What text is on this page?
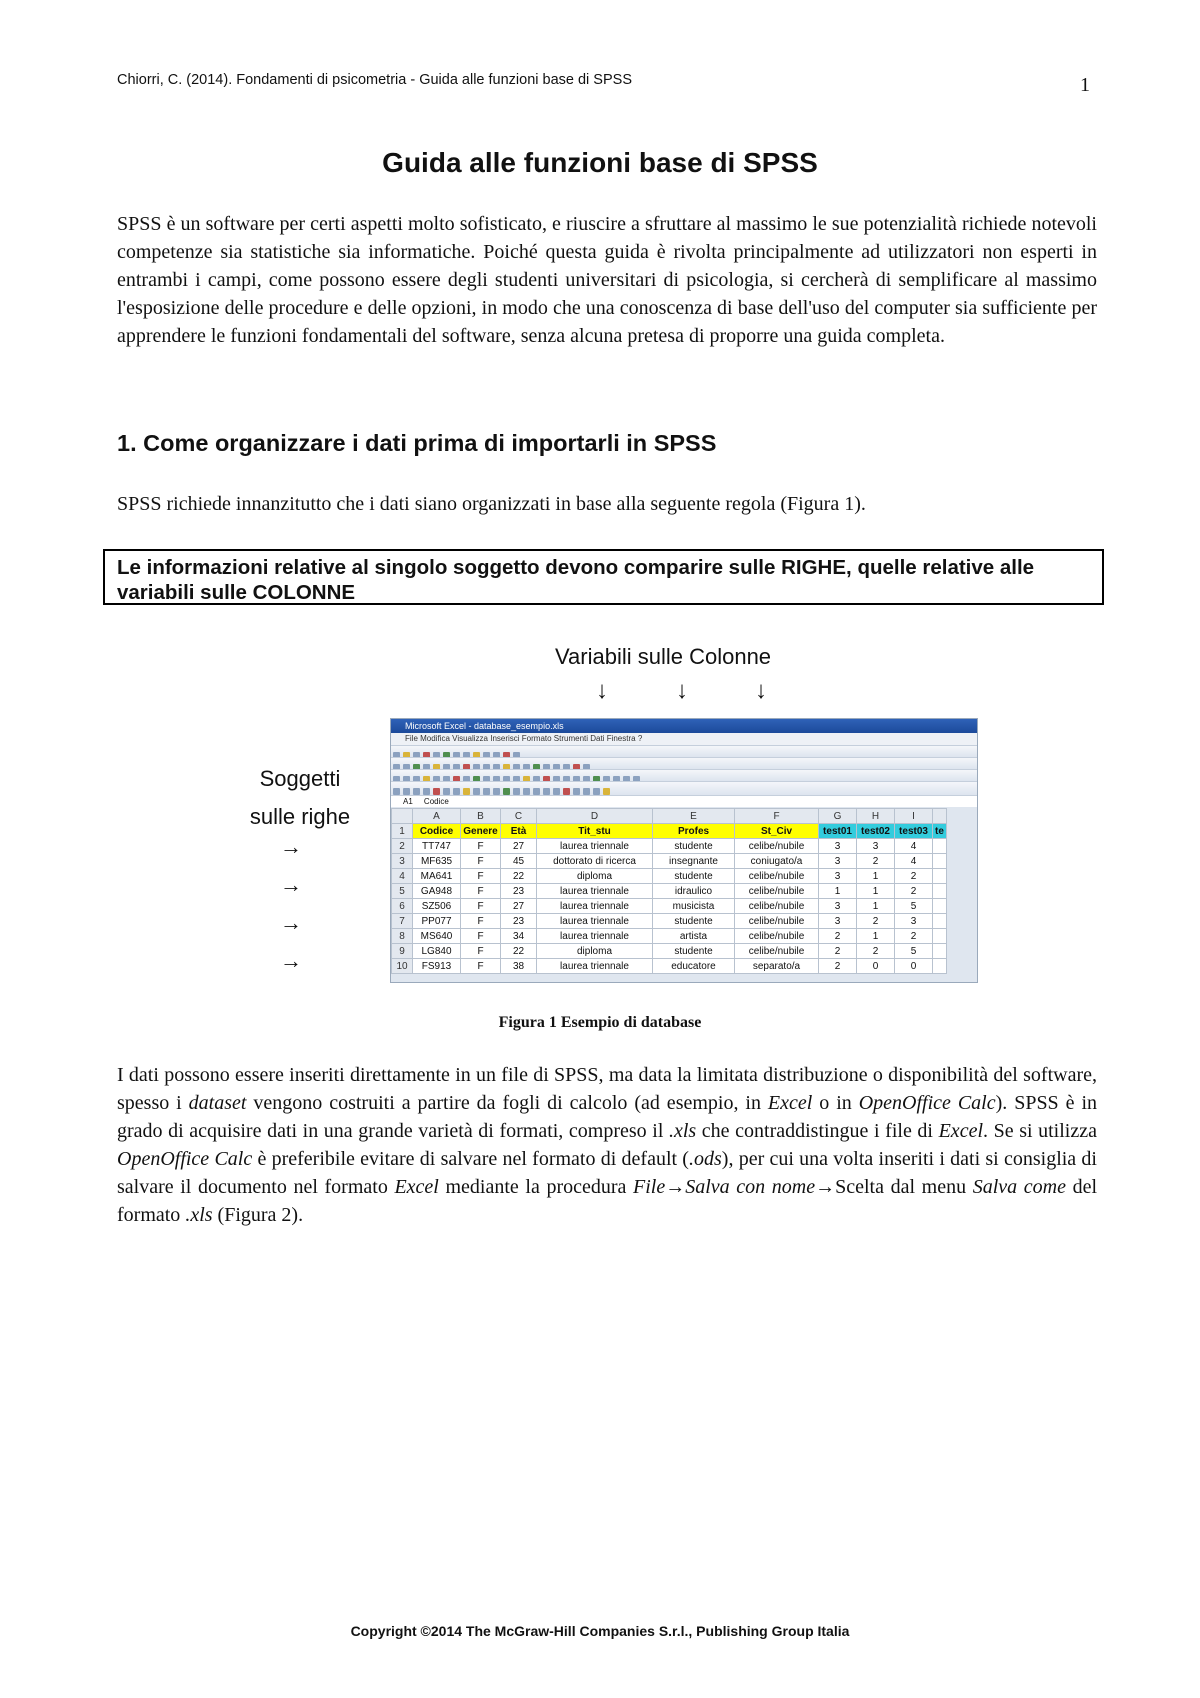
Chiorri, C. (2014). Fondamenti di psicometria - Guida alle funzioni base di SPSS	1
Guida alle funzioni base di SPSS
SPSS è un software per certi aspetti molto sofisticato, e riuscire a sfruttare al massimo le sue potenzialità richiede notevoli competenze sia statistiche sia informatiche. Poiché questa guida è rivolta principalmente ad utilizzatori non esperti in entrambi i campi, come possono essere degli studenti universitari di psicologia, si cercherà di semplificare al massimo l'esposizione delle procedure e delle opzioni, in modo che una conoscenza di base dell'uso del computer sia sufficiente per apprendere le funzioni fondamentali del software, senza alcuna pretesa di proporre una guida completa.
1. Come organizzare i dati prima di importarli in SPSS
SPSS richiede innanzitutto che i dati siano organizzati in base alla seguente regola (Figura 1).
Le informazioni relative al singolo soggetto devono comparire sulle RIGHE, quelle relative alle variabili sulle COLONNE
Variabili sulle Colonne
↓	↓	↓
Soggetti
sulle righe
→
→
→
→
Microsoft Excel - database_esempio.xls
File Modifica Visualizza Inserisci Formato Strumenti Dati Finestra ?
A1 Codice
	A	B	C	D	E	F	G	H	I	
1	Codice	Genere	Età	Tit_stu	Profes	St_Civ	test01	test02	test03	te
2	TT747	F	27	laurea triennale	studente	celibe/nubile	3	3	4	
3	MF635	F	45	dottorato di ricerca	insegnante	coniugato/a	3	2	4	
4	MA641	F	22	diploma	studente	celibe/nubile	3	1	2	
5	GA948	F	23	laurea triennale	idraulico	celibe/nubile	1	1	2	
6	SZ506	F	27	laurea triennale	musicista	celibe/nubile	3	1	5	
7	PP077	F	23	laurea triennale	studente	celibe/nubile	3	2	3	
8	MS640	F	34	laurea triennale	artista	celibe/nubile	2	1	2	
9	LG840	F	22	diploma	studente	celibe/nubile	2	2	5	
10	FS913	F	38	laurea triennale	educatore	separato/a	2	0	0	
Figura 1 Esempio di database
I dati possono essere inseriti direttamente in un file di SPSS, ma data la limitata distribuzione o disponibilità del software, spesso i dataset vengono costruiti a partire da fogli di calcolo (ad esempio, in Excel o in OpenOffice Calc). SPSS è in grado di acquisire dati in una grande varietà di formati, compreso il .xls che contraddistingue i file di Excel. Se si utilizza OpenOffice Calc è preferibile evitare di salvare nel formato di default (.ods), per cui una volta inseriti i dati si consiglia di salvare il documento nel formato Excel mediante la procedura File→Salva con nome→Scelta dal menu Salva come del formato .xls (Figura 2).
Copyright ©2014 The McGraw-Hill Companies S.r.l., Publishing Group Italia
